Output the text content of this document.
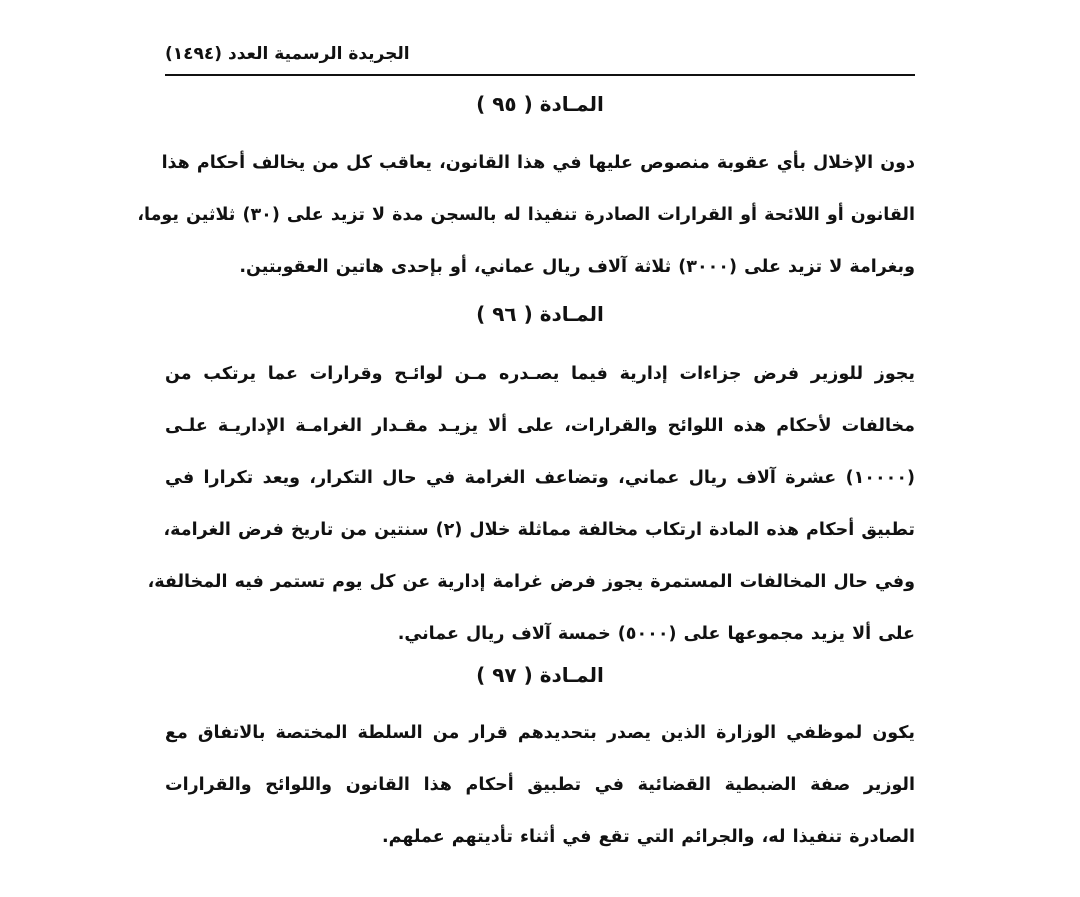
الجريدة الرسمية العدد (١٤٩٤)
المـادة ( ٩٥ )
دون الإخلال بأي عقوبة منصوص عليها في هذا القانون، يعاقب كل من يخالف أحكام هذا
القانون أو اللائحة أو القرارات الصادرة تنفيذا له بالسجن مدة لا تزيد على (٣٠) ثلاثين يوما،
وبغرامة لا تزيد على (٣٠٠٠) ثلاثة آلاف ريال عماني، أو بإحدى هاتين العقوبتين.
المـادة ( ٩٦ )
يجوز للوزير فرض جزاءات إدارية فيما يصـدره مـن لوائـح وقرارات عما يرتكب من
مخالفات لأحكام هذه اللوائح والقرارات، على ألا يزيـد مقـدار الغرامـة الإداريـة علـى
(١٠٠٠٠) عشرة آلاف ريال عماني، وتضاعف الغرامة في حال التكرار، ويعد تكرارا في
تطبيق أحكام هذه المادة ارتكاب مخالفة مماثلة خلال (٢) سنتين من تاريخ فرض الغرامة،
وفي حال المخالفات المستمرة يجوز فرض غرامة إدارية عن كل يوم تستمر فيه المخالفة،
على ألا يزيد مجموعها على (٥٠٠٠) خمسة آلاف ريال عماني.
المـادة ( ٩٧ )
يكون لموظفي الوزارة الذين يصدر بتحديدهم قرار من السلطة المختصة بالاتفاق مع
الوزير صفة الضبطية القضائية في تطبيق أحكام هذا القانون واللوائح والقرارات
الصادرة تنفيذا له، والجرائم التي تقع في أثناء تأديتهم عملهم.
